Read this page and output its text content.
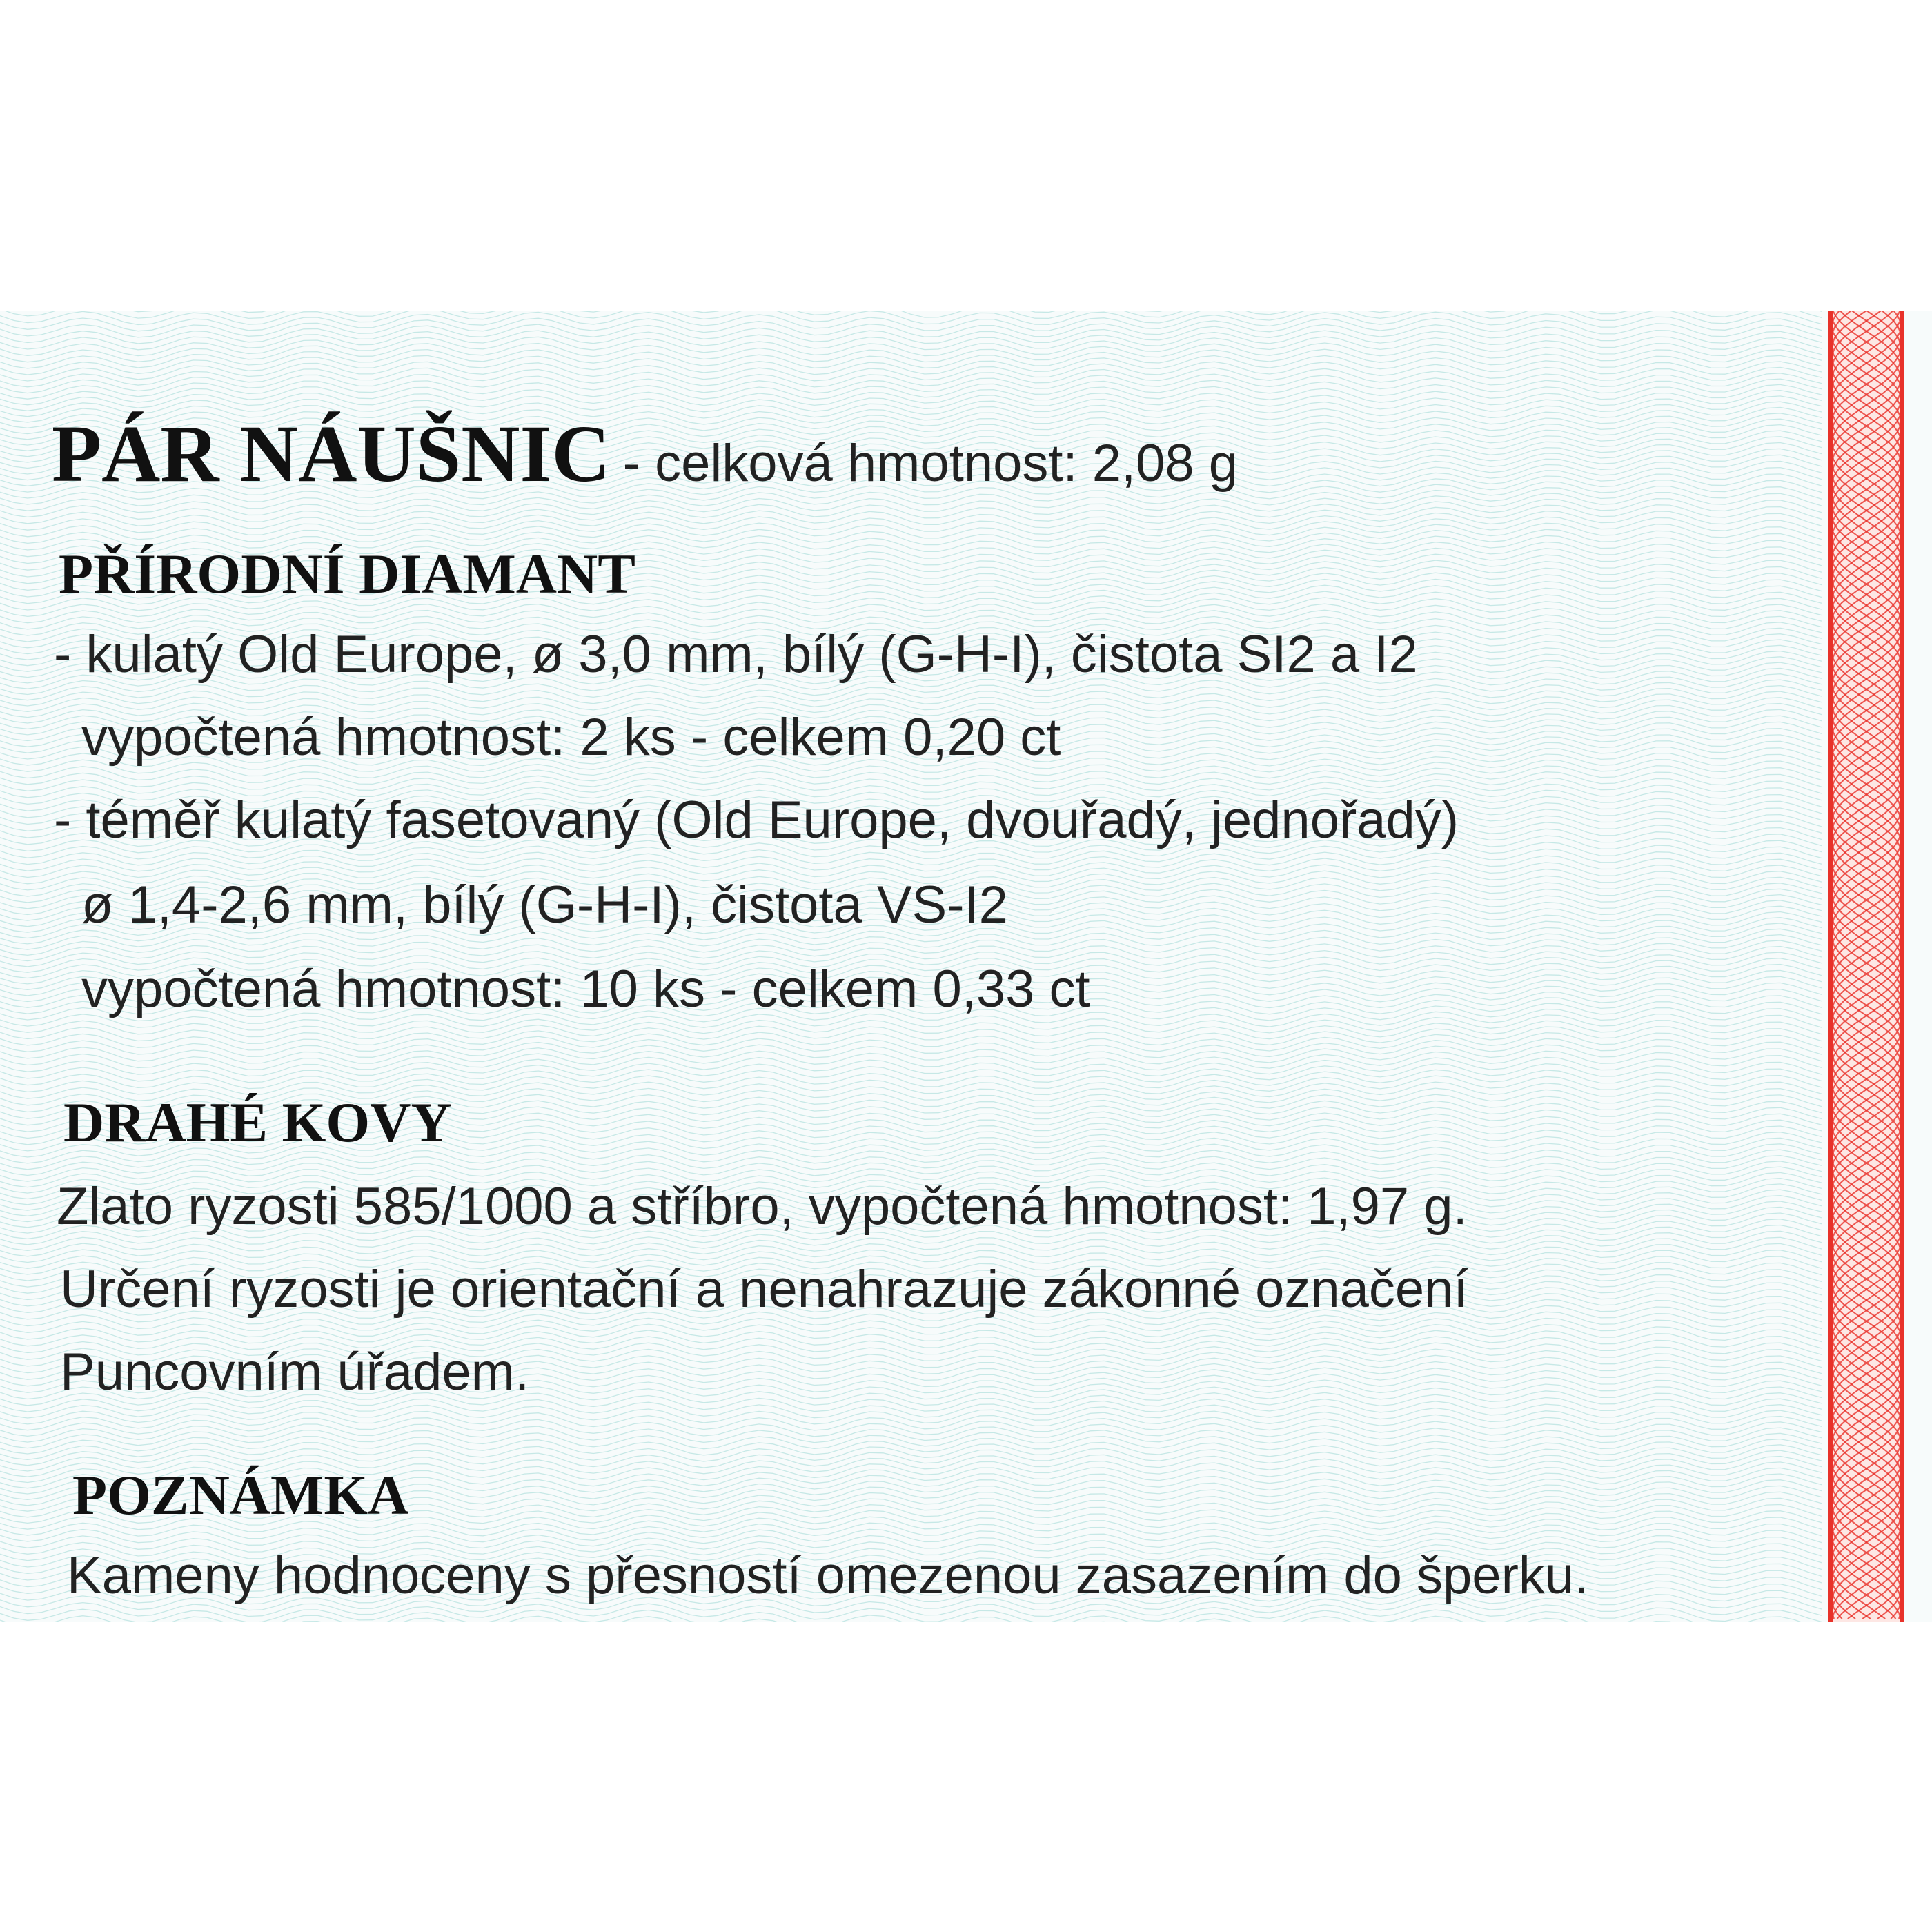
PÁR NÁUŠNIC - celková hmotnost: 2,08 g
PŘÍRODNÍ DIAMANT
- kulatý Old Europe, ø 3,0 mm, bílý (G-H-I), čistota SI2 a I2
vypočtená hmotnost: 2 ks - celkem 0,20 ct
- téměř kulatý fasetovaný (Old Europe, dvouřadý, jednořadý)
ø 1,4-2,6 mm, bílý (G-H-I), čistota VS-I2
vypočtená hmotnost: 10 ks - celkem 0,33 ct
DRAHÉ KOVY
Zlato ryzosti 585/1000 a stříbro, vypočtená hmotnost: 1,97 g.
Určení ryzosti je orientační a nenahrazuje zákonné označení
Puncovním úřadem.
POZNÁMKA
Kameny hodnoceny s přesností omezenou zasazením do šperku.
